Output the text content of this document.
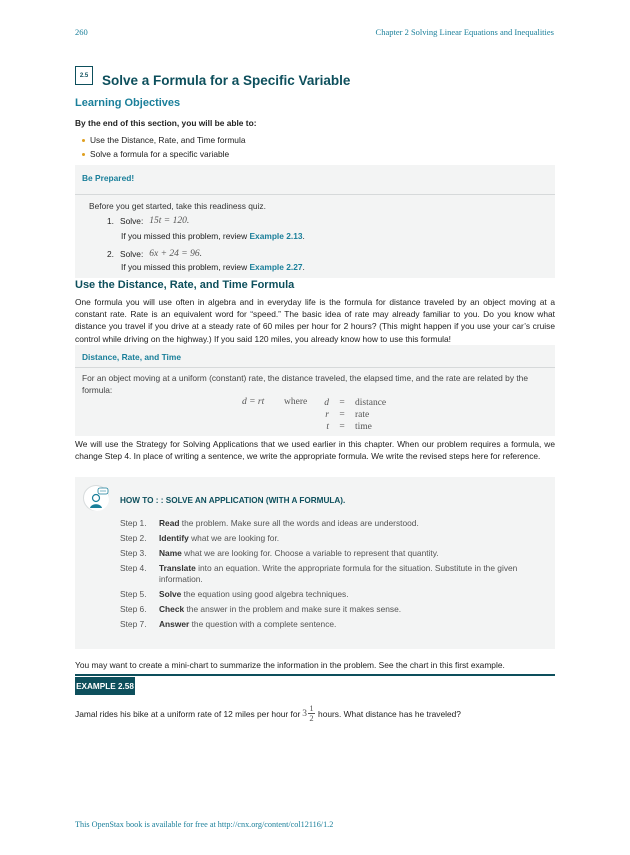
260	Chapter 2 Solving Linear Equations and Inequalities
2.5	Solve a Formula for a Specific Variable
Learning Objectives
By the end of this section, you will be able to:
Use the Distance, Rate, and Time formula
Solve a formula for a specific variable
Be Prepared!
Before you get started, take this readiness quiz.
1. Solve: 15t = 120.
If you missed this problem, review Example 2.13.
2. Solve: 6x + 24 = 96.
If you missed this problem, review Example 2.27.
Use the Distance, Rate, and Time Formula
One formula you will use often in algebra and in everyday life is the formula for distance traveled by an object moving at a constant rate. Rate is an equivalent word for “speed.” The basic idea of rate may already familiar to you. Do you know what distance you travel if you drive at a steady rate of 60 miles per hour for 2 hours? (This might happen if you use your car’s cruise control while driving on the highway.) If you said 120 miles, you already know how to use this formula!
Distance, Rate, and Time
For an object moving at a uniform (constant) rate, the distance traveled, the elapsed time, and the rate are related by the formula:
d = rt where	d	=	distance
r	=	rate
t	=	time
We will use the Strategy for Solving Applications that we used earlier in this chapter. When our problem requires a formula, we change Step 4. In place of writing a sentence, we write the appropriate formula. We write the revised steps here for reference.
HOW TO : : SOLVE AN APPLICATION (WITH A FORMULA).
Step 1.	Read the problem. Make sure all the words and ideas are understood.
Step 2.	Identify what we are looking for.
Step 3.	Name what we are looking for. Choose a variable to represent that quantity.
Step 4.	Translate into an equation. Write the appropriate formula for the situation. Substitute in the given information.
Step 5.	Solve the equation using good algebra techniques.
Step 6.	Check the answer in the problem and make sure it makes sense.
Step 7.	Answer the question with a complete sentence.
You may want to create a mini-chart to summarize the information in the problem. See the chart in this first example.
EXAMPLE 2.58
Jamal rides his bike at a uniform rate of 12 miles per hour for 3
1
2 hours. What distance has he traveled?
This OpenStax book is available for free at http://cnx.org/content/col12116/1.2
